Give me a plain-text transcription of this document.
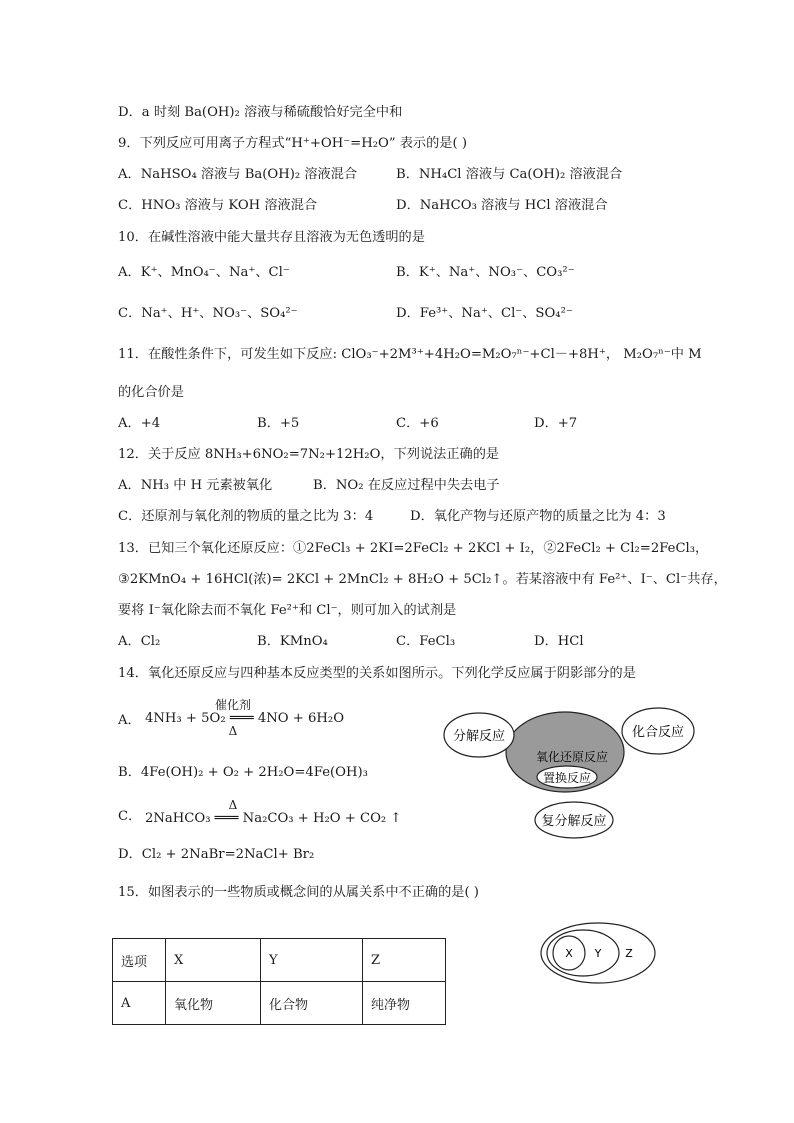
D．a 时刻 Ba(OH)₂ 溶液与稀硫酸恰好完全中和
9．下列反应可用离子方程式“H⁺+OH⁻=H₂O” 表示的是( )
A．NaHSO₄ 溶液与 Ba(OH)₂ 溶液混合	B．NH₄Cl 溶液与 Ca(OH)₂ 溶液混合
C．HNO₃ 溶液与 KOH 溶液混合	D．NaHCO₃ 溶液与 HCl 溶液混合
10．在碱性溶液中能大量共存且溶液为无色透明的是
A．K⁺、MnO₄⁻、Na⁺、Cl⁻	B．K⁺、Na⁺、NO₃⁻、CO₃²⁻
C．Na⁺、H⁺、NO₃⁻、SO₄²⁻	D．Fe³⁺、Na⁺、Cl⁻、SO₄²⁻
11．在酸性条件下，可发生如下反应: ClO₃⁻+2M³⁺+4H₂O=M₂O₇ⁿ⁻+Cl－+8H⁺， M₂O₇ⁿ⁻中 M
的化合价是
A．+4	B．+5	C．+6	D．+7
12．关于反应 8NH₃+6NO₂=7N₂+12H₂O，下列说法正确的是
A．NH₃ 中 H 元素被氧化	B．NO₂ 在反应过程中失去电子
C．还原剂与氧化剂的物质的量之比为 3：4	D．氧化产物与还原产物的质量之比为 4：3
13．已知三个氧化还原反应：①2FeCl₃ + 2KI=2FeCl₂ + 2KCl + I₂，②2FeCl₂ + Cl₂=2FeCl₃，
③2KMnO₄ + 16HCl(浓)= 2KCl + 2MnCl₂ + 8H₂O + 5Cl₂↑。若某溶液中有 Fe²⁺、I⁻、Cl⁻共存，
要将 I⁻氧化除去而不氧化 Fe²⁺和 Cl⁻，则可加入的试剂是
A．Cl₂	B．KMnO₄	C．FeCl₃	D．HCl
14．氧化还原反应与四种基本反应类型的关系如图所示。下列化学反应属于阴影部分的是
A．
催化剂
4NH₃ + 5O₂ ═══ 4NO + 6H₂O
Δ
B．4Fe(OH)₂ + O₂ + 2H₂O=4Fe(OH)₃
C．
Δ
2NaHCO₃ ═══ Na₂CO₃ + H₂O + CO₂ ↑
D．Cl₂ + 2NaBr=2NaCl+ Br₂
分解反应	化合反应
氧化还原反应
置换反应
复分解反应
15．如图表示的一些物质或概念间的从属关系中不正确的是( )
选项	X	Y	Z
A	氧化物	化合物	纯净物
X Y Z
